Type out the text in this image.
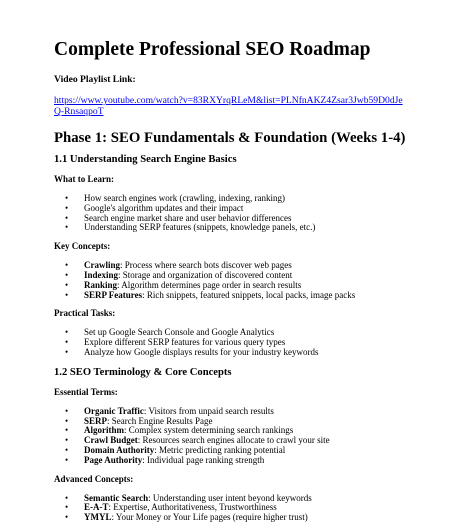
Complete Professional SEO Roadmap
Video Playlist Link:
https://www.youtube.com/watch?v=83RXYrqRLeM&list=PLNfnAKZ4Zsar3Jwb59D0dJeQ-RnsaqpoT
Phase 1: SEO Fundamentals & Foundation (Weeks 1-4)
1.1 Understanding Search Engine Basics
What to Learn:
• How search engines work (crawling, indexing, ranking)
• Google's algorithm updates and their impact
• Search engine market share and user behavior differences
• Understanding SERP features (snippets, knowledge panels, etc.)
Key Concepts:
• Crawling: Process where search bots discover web pages
• Indexing: Storage and organization of discovered content
• Ranking: Algorithm determines page order in search results
• SERP Features: Rich snippets, featured snippets, local packs, image packs
Practical Tasks:
• Set up Google Search Console and Google Analytics
• Explore different SERP features for various query types
• Analyze how Google displays results for your industry keywords
1.2 SEO Terminology & Core Concepts
Essential Terms:
• Organic Traffic: Visitors from unpaid search results
• SERP: Search Engine Results Page
• Algorithm: Complex system determining search rankings
• Crawl Budget: Resources search engines allocate to crawl your site
• Domain Authority: Metric predicting ranking potential
• Page Authority: Individual page ranking strength
Advanced Concepts:
• Semantic Search: Understanding user intent beyond keywords
• E-A-T: Expertise, Authoritativeness, Trustworthiness
• YMYL: Your Money or Your Life pages (require higher trust)
